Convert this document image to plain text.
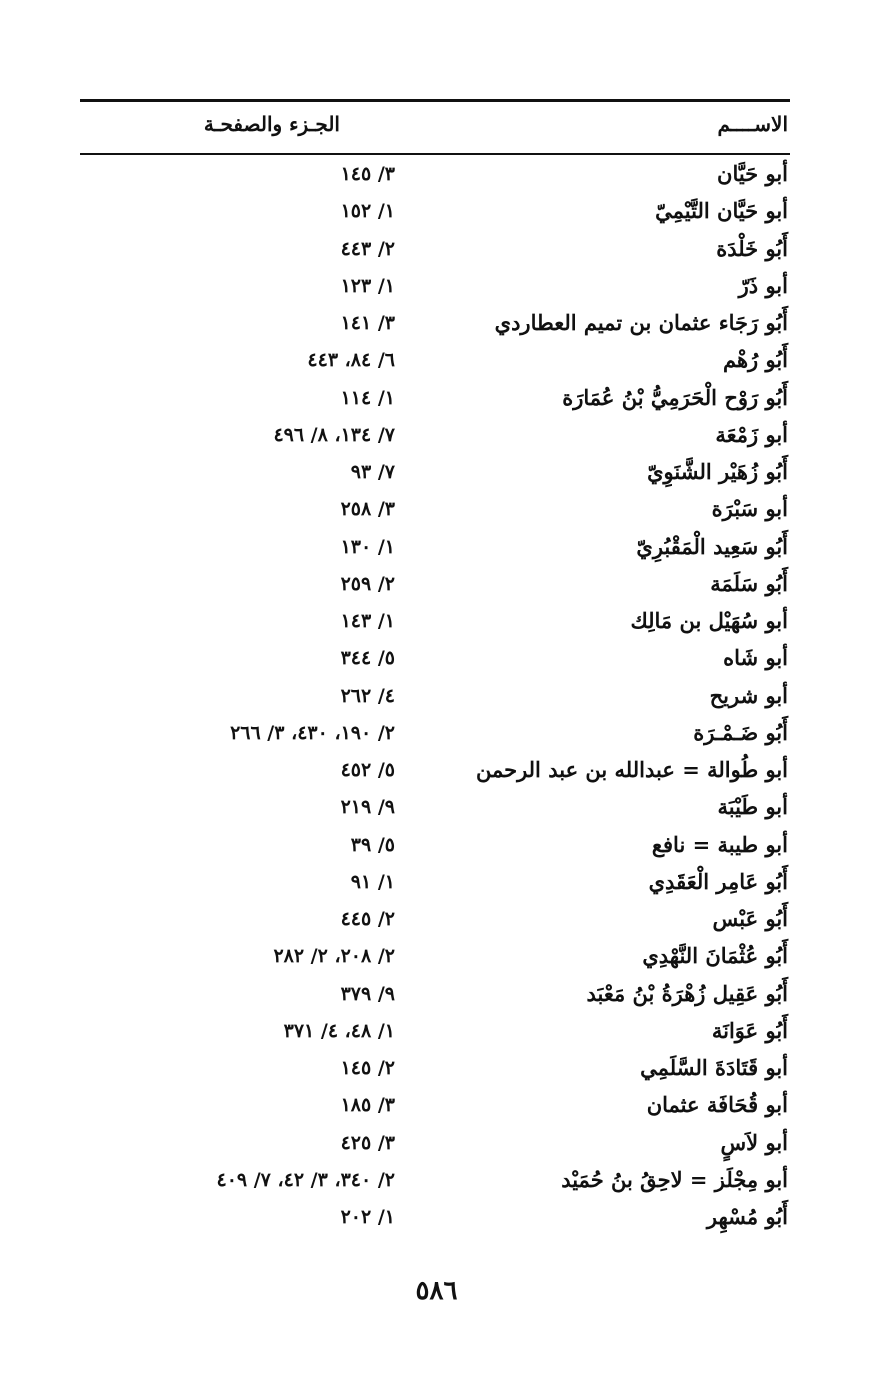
الاســــم
الجـزء والصفحـة
أبو حَيَّان
٣/ ١٤٥
أبو حَيَّان التَّيْمِيّ
١/ ١٥٢
أَبُو خَلْدَة
٢/ ٤٤٣
أبو ذَرّ
١/ ١٢٣
أَبُو رَجَاء عثمان بن تميم العطاردي
٣/ ١٤١
أَبُو رُهْم
٦/ ٨٤، ٤٤٣
أَبُو رَوْح الْحَرَمِيُّ بْنُ عُمَارَة
١/ ١١٤
أبو زَمْعَة
٧/ ١٣٤، ٨/ ٤٩٦
أَبُو زُهَيْر الشَّنَوِيّ
٧/ ٩٣
أبو سَبْرَة
٣/ ٢٥٨
أَبُو سَعِيد الْمَقْبُرِيّ
١/ ١٣٠
أَبُو سَلَمَة
٢/ ٢٥٩
أبو سُهَيْل بن مَالِك
١/ ١٤٣
أبو شَاه
٥/ ٣٤٤
أبو شريح
٤/ ٢٦٢
أَبُو ضَـمْـرَة
٢/ ١٩٠، ٤٣٠، ٣/ ٢٦٦
أبو طُوالة = عبدالله بن عبد الرحمن
٥/ ٤٥٢
أبو طَيْبَة
٩/ ٢١٩
أبو طيبة = نافع
٥/ ٣٩
أَبُو عَامِر الْعَقَدِي
١/ ٩١
أَبُو عَبْس
٢/ ٤٤٥
أَبُو عُثْمَانَ النَّهْدِي
٢/ ٢٠٨، ٢/ ٢٨٢
أَبُو عَقِيل زُهْرَةُ بْنُ مَعْبَد
٩/ ٣٧٩
أَبُو عَوَانَة
١/ ٤٨، ٤/ ٣٧١
أبو قَتَادَةَ السَّلَمِي
٢/ ١٤٥
أبو قُحَافَة عثمان
٣/ ١٨٥
أبو لاَسٍ
٣/ ٤٢٥
أبو مِجْلَز = لاحِقُ بنُ حُمَيْد
٢/ ٣٤٠، ٣/ ٤٢، ٧/ ٤٠٩
أَبُو مُسْهِر
١/ ٢٠٢
٥٨٦
